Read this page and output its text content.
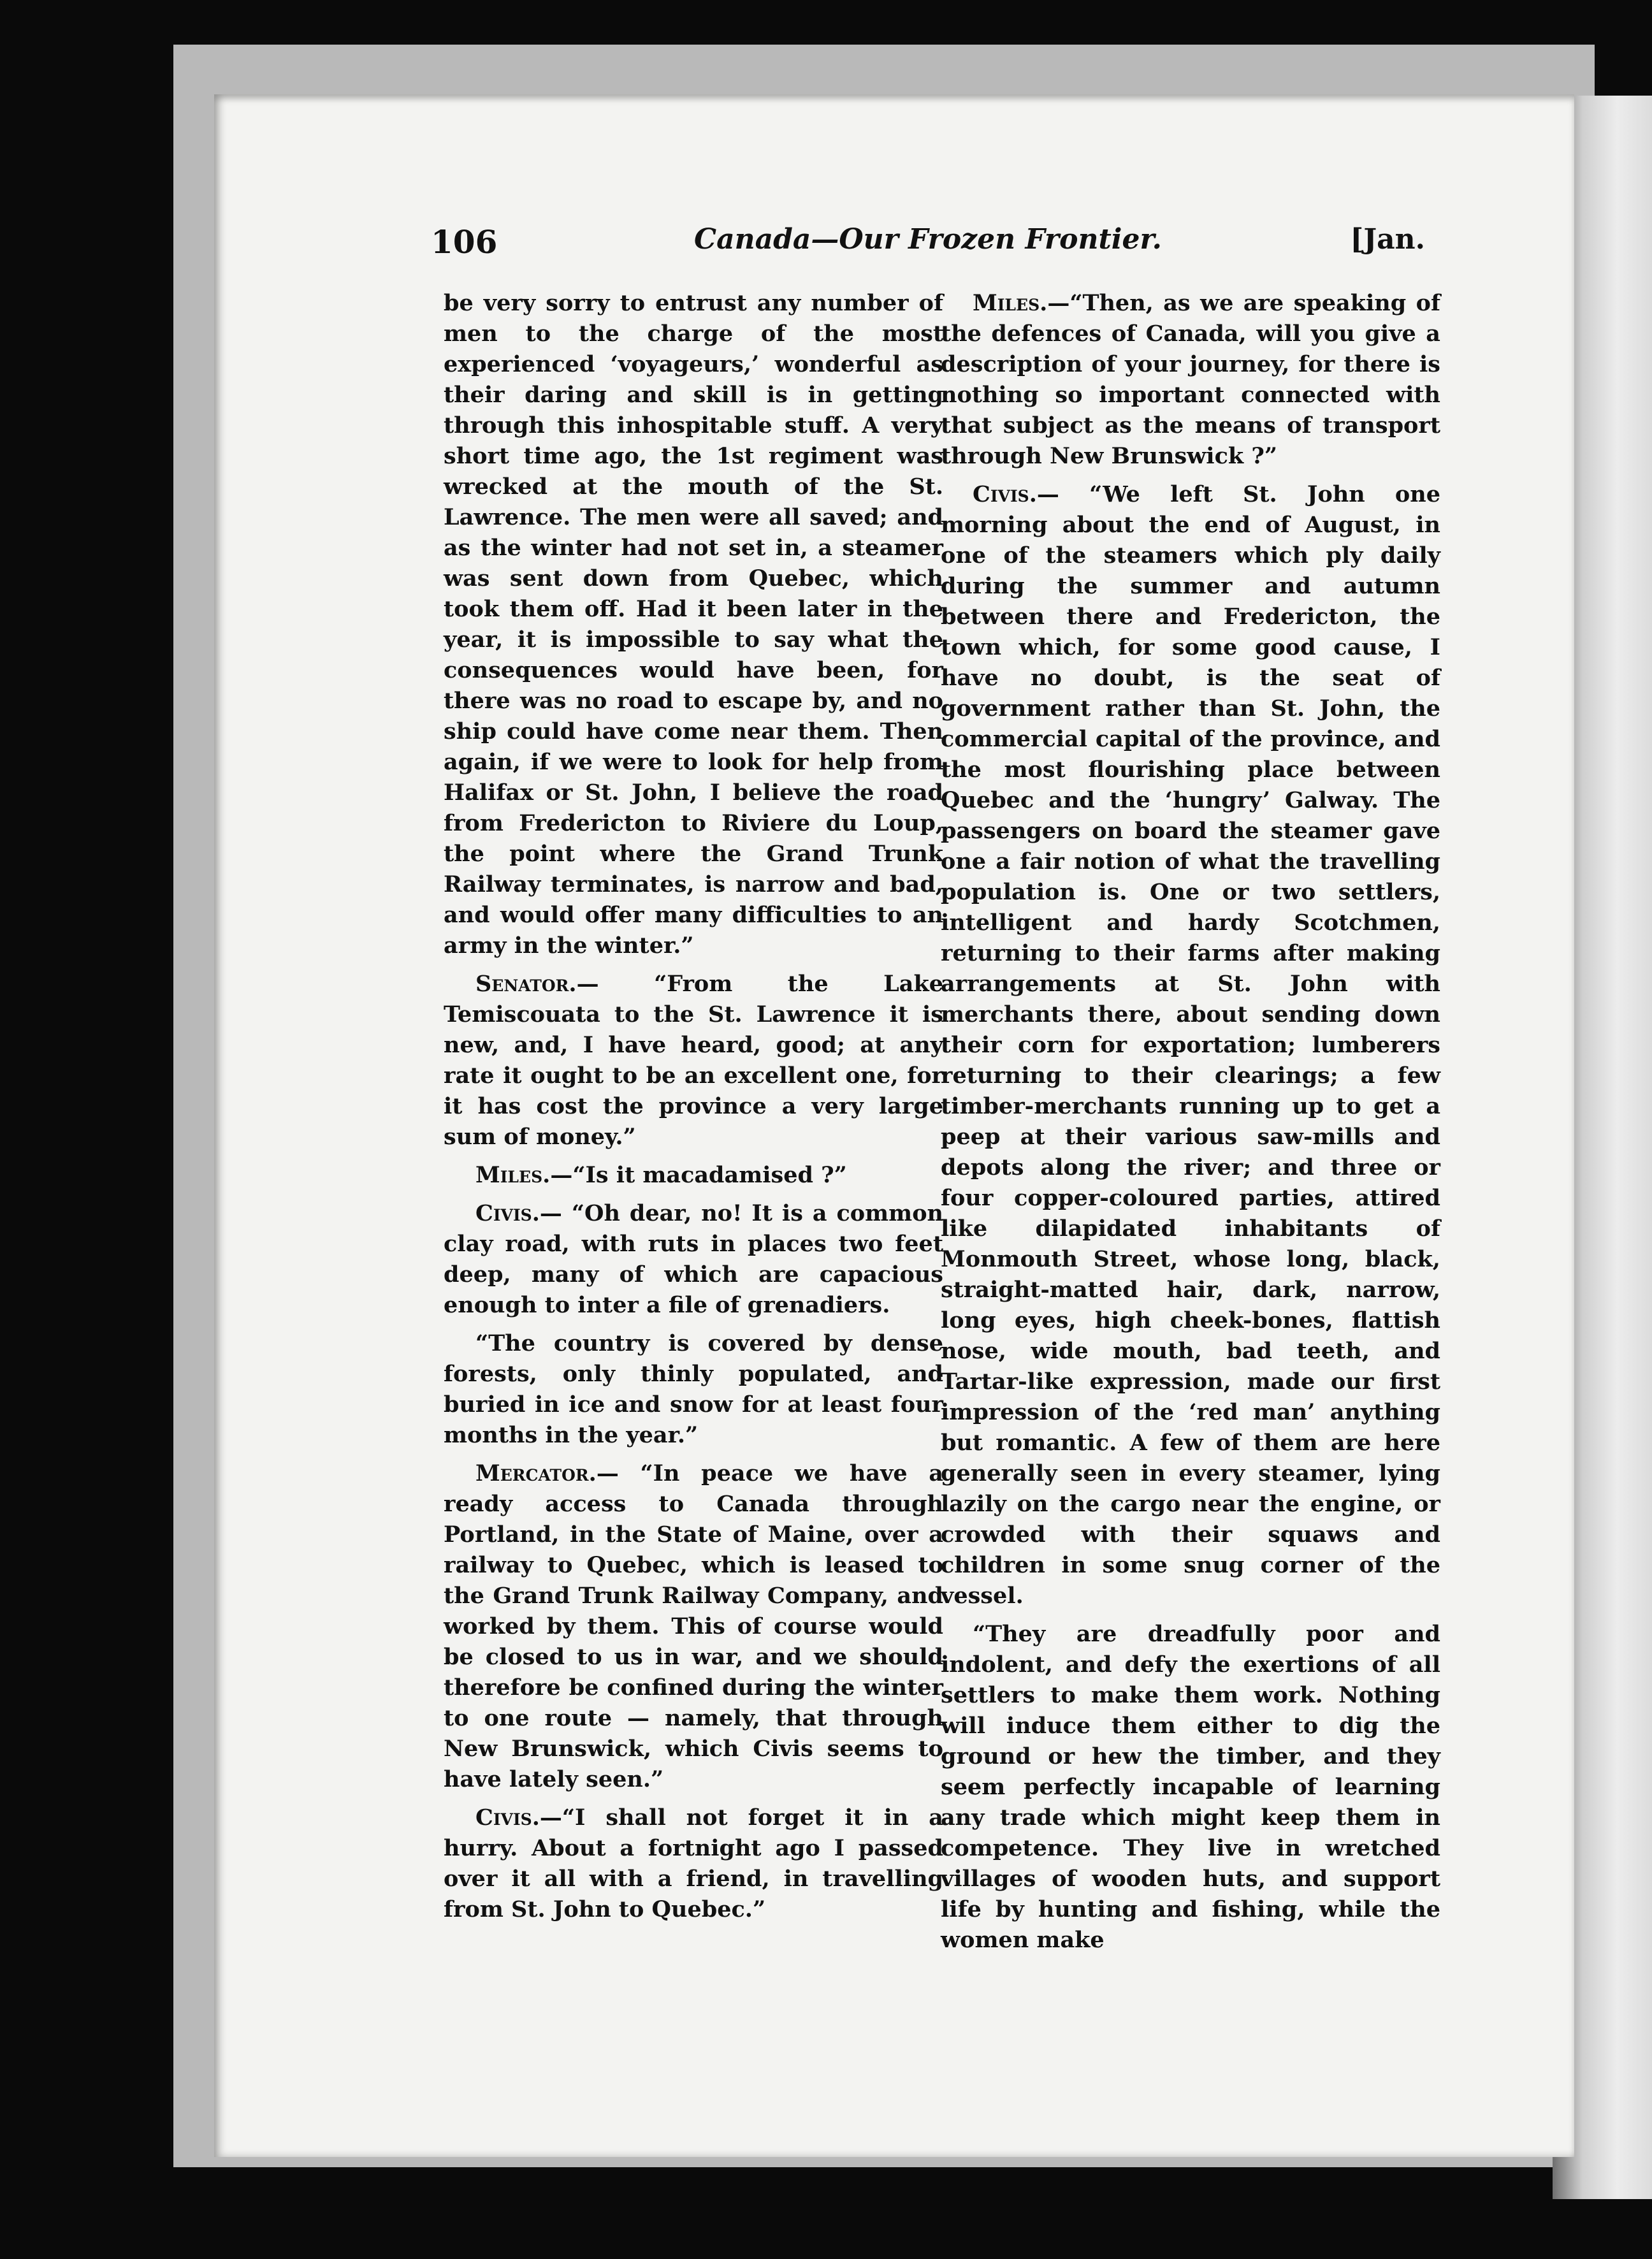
106	Canada—Our Frozen Frontier.	[Jan.

be very sorry to entrust any number of men to the charge of the most experienced ‘voyageurs,’ wonderful as their daring and skill is in getting through this inhospitable stuff. A very short time ago, the 1st regiment was wrecked at the mouth of the St. Lawrence. The men were all saved; and as the winter had not set in, a steamer was sent down from Quebec, which took them off. Had it been later in the year, it is impossible to say what the consequences would have been, for there was no road to escape by, and no ship could have come near them. Then again, if we were to look for help from Halifax or St. John, I believe the road from Fredericton to Riviere du Loup, the point where the Grand Trunk Railway terminates, is narrow and bad, and would offer many difficulties to an army in the winter.”

Senator.— “From the Lake Temiscouata to the St. Lawrence it is new, and, I have heard, good; at any rate it ought to be an excellent one, for it has cost the province a very large sum of money.”

Miles.—“Is it macadamised ?”

Civis.— “Oh dear, no! It is a common clay road, with ruts in places two feet deep, many of which are capacious enough to inter a file of grenadiers.

“The country is covered by dense forests, only thinly populated, and buried in ice and snow for at least four months in the year.”

Mercator.— “In peace we have a ready access to Canada through Portland, in the State of Maine, over a railway to Quebec, which is leased to the Grand Trunk Railway Company, and worked by them. This of course would be closed to us in war, and we should therefore be confined during the winter to one route — namely, that through New Brunswick, which Civis seems to have lately seen.”

Civis.—“I shall not forget it in a hurry. About a fortnight ago I passed over it all with a friend, in travelling from St. John to Quebec.”

Miles.—“Then, as we are speaking of the defences of Canada, will you give a description of your journey, for there is nothing so important connected with that subject as the means of transport through New Brunswick ?”

Civis.— “We left St. John one morning about the end of August, in one of the steamers which ply daily during the summer and autumn between there and Fredericton, the town which, for some good cause, I have no doubt, is the seat of government rather than St. John, the commercial capital of the province, and the most flourishing place between Quebec and the ‘hungry’ Galway. The passengers on board the steamer gave one a fair notion of what the travelling population is. One or two settlers, intelligent and hardy Scotchmen, returning to their farms after making arrangements at St. John with merchants there, about sending down their corn for exportation; lumberers returning to their clearings; a few timber-merchants running up to get a peep at their various saw-mills and depots along the river; and three or four copper-coloured parties, attired like dilapidated inhabitants of Monmouth Street, whose long, black, straight-matted hair, dark, narrow, long eyes, high cheek-bones, flattish nose, wide mouth, bad teeth, and Tartar-like expression, made our first impression of the ‘red man’ anything but romantic. A few of them are here generally seen in every steamer, lying lazily on the cargo near the engine, or crowded with their squaws and children in some snug corner of the vessel.

“They are dreadfully poor and indolent, and defy the exertions of all settlers to make them work. Nothing will induce them either to dig the ground or hew the timber, and they seem perfectly incapable of learning any trade which might keep them in competence. They live in wretched villages of wooden huts, and support life by hunting and fishing, while the women make
